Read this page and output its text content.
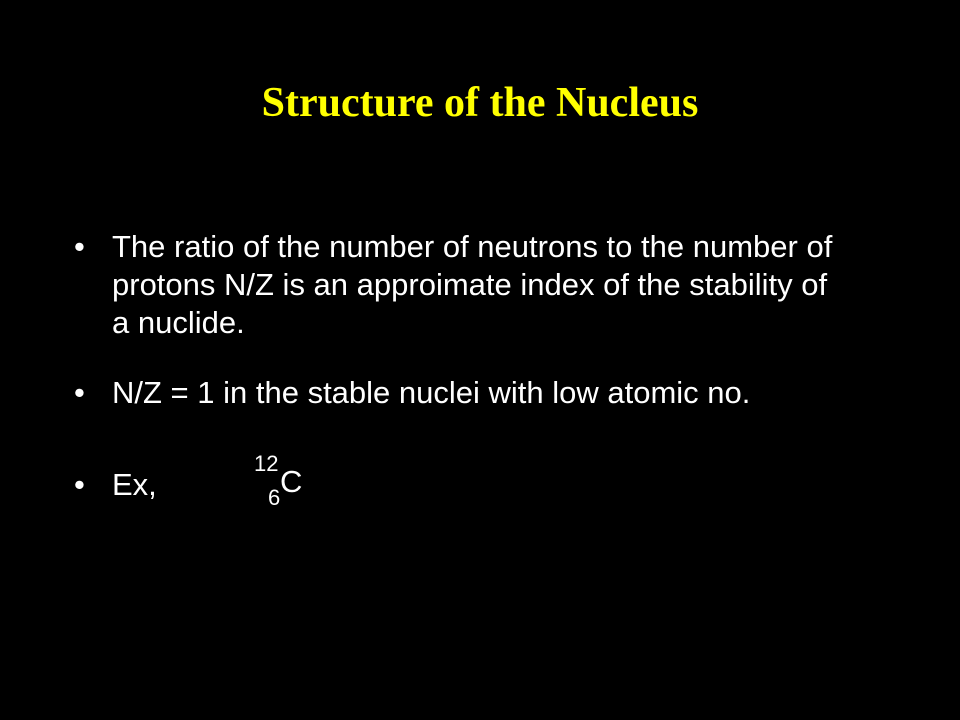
Structure of the Nucleus
• The ratio of the number of neutrons to the number of protons N/Z is an approimate index of the stability of a nuclide.
• N/Z = 1 in the stable nuclei with low atomic no.
• Ex,
12
6 C
